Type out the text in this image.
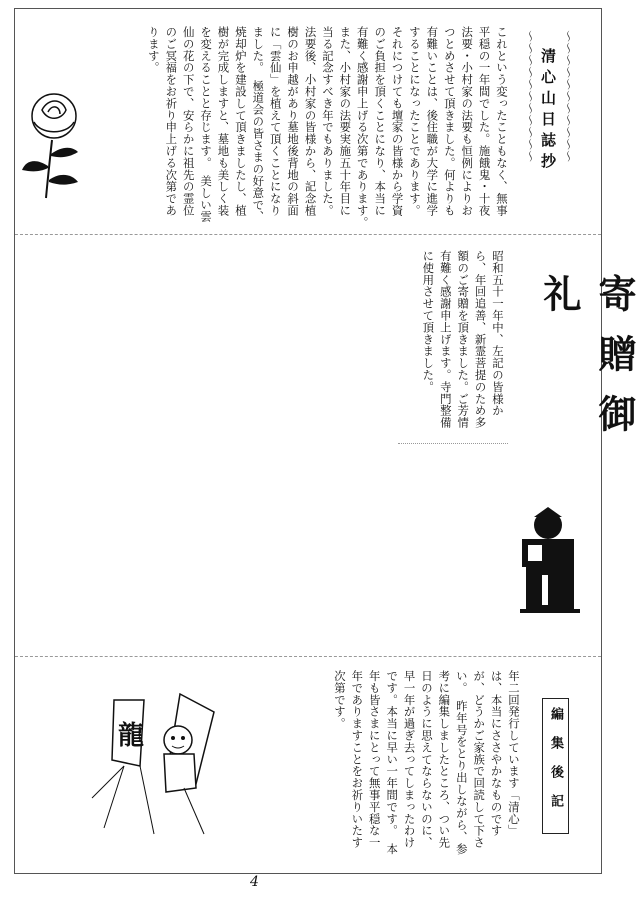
〜〜〜〜〜〜〜〜〜〜〜
清心山日誌抄
〜〜〜〜〜〜〜〜〜〜〜
これという変ったこともなく、無事平穏の一年間でした。施餓鬼・十夜法要・小村家の法要も恒例によりおつとめさせて頂きました。何よりも有難いことは、後住職が大学に進学することになったことであります。それにつけても壇家の皆様から学資のご負担を頂くことになり、本当に有難く感謝申上げる次第であります。　また、小村家の法要実施五十年目に当る記念すべき年でもありました。法要後、小村家の皆様から、記念植樹のお申越があり墓地後背地の斜面に「雲仙」を植えて頂くことになりました。　極道会の皆さまの好意で、焼却炉を建設して頂きましたし、植樹が完成しますと、墓地も美しく装を変えることと存じます。　美しい雲仙の花の下で、安らかに祖先の霊位のご冥福をお祈り申上げる次第であります。
寄贈御礼
昭和五十一年中、左記の皆様から、年回追善、新霊菩提のため多額のご寄贈を頂きました。ご芳情有難く感謝申上げます。寺門整備に使用させて頂きました。
編集後記
年二回発行しています「清心」は、本当にささやかなものですが、どうかご家族で回読して下さい。　昨年号をとり出しながら、参考に編集しましたところ、つい先日のように思えてならないのに、早一年が過ぎ去ってしまったわけです。本当に早い一年間です。　本年も皆さまにとって無事平穏な一年でありますことをお祈りいたす次第です。
龍
4
